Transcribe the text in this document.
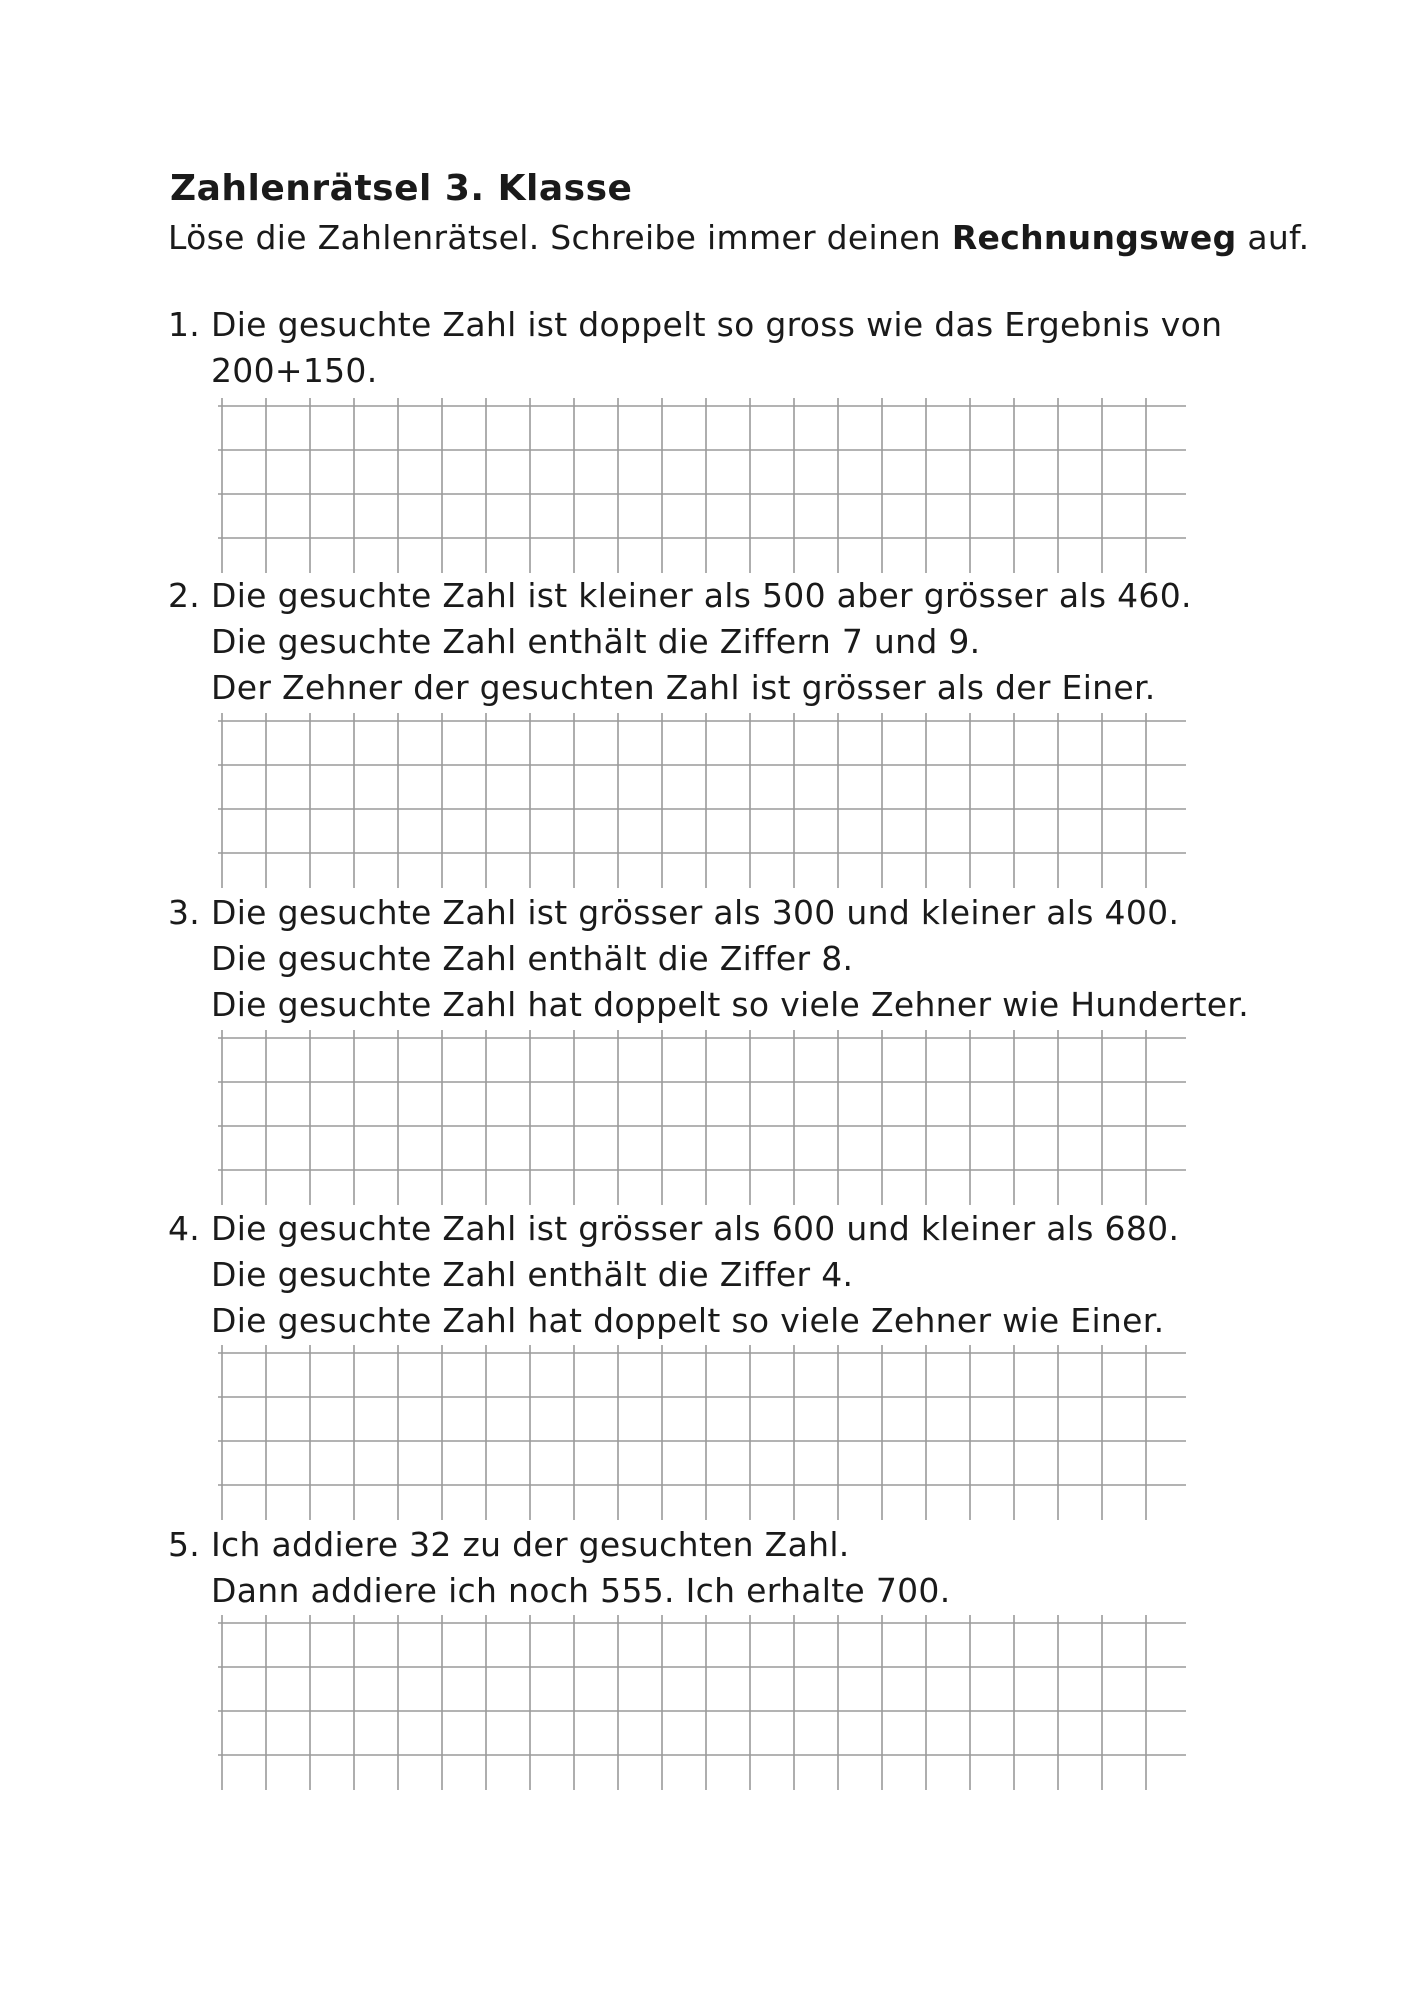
Zahlenrätsel 3. Klasse
Löse die Zahlenrätsel. Schreibe immer deinen Rechnungsweg auf.
1. Die gesuchte Zahl ist doppelt so gross wie das Ergebnis von
200+150.
2. Die gesuchte Zahl ist kleiner als 500 aber grösser als 460.
Die gesuchte Zahl enthält die Ziffern 7 und 9.
Der Zehner der gesuchten Zahl ist grösser als der Einer.
3. Die gesuchte Zahl ist grösser als 300 und kleiner als 400.
Die gesuchte Zahl enthält die Ziffer 8.
Die gesuchte Zahl hat doppelt so viele Zehner wie Hunderter.
4. Die gesuchte Zahl ist grösser als 600 und kleiner als 680.
Die gesuchte Zahl enthält die Ziffer 4.
Die gesuchte Zahl hat doppelt so viele Zehner wie Einer.
5. Ich addiere 32 zu der gesuchten Zahl.
Dann addiere ich noch 555. Ich erhalte 700.
